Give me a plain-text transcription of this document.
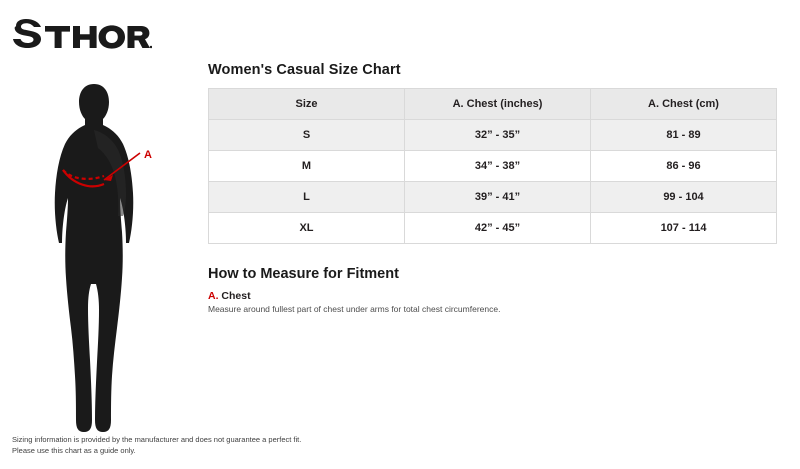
A
Women's Casual Size Chart
Size	A. Chest (inches)	A. Chest (cm)
S	32” - 35”	81 - 89
M	34” - 38”	86 - 96
L	39” - 41”	99 - 104
XL	42” - 45”	107 - 114
How to Measure for Fitment

A. Chest

Measure around fullest part of chest under arms for total chest circumference.

Sizing information is provided by the manufacturer and does not guarantee a perfect fit.
Please use this chart as a guide only.
